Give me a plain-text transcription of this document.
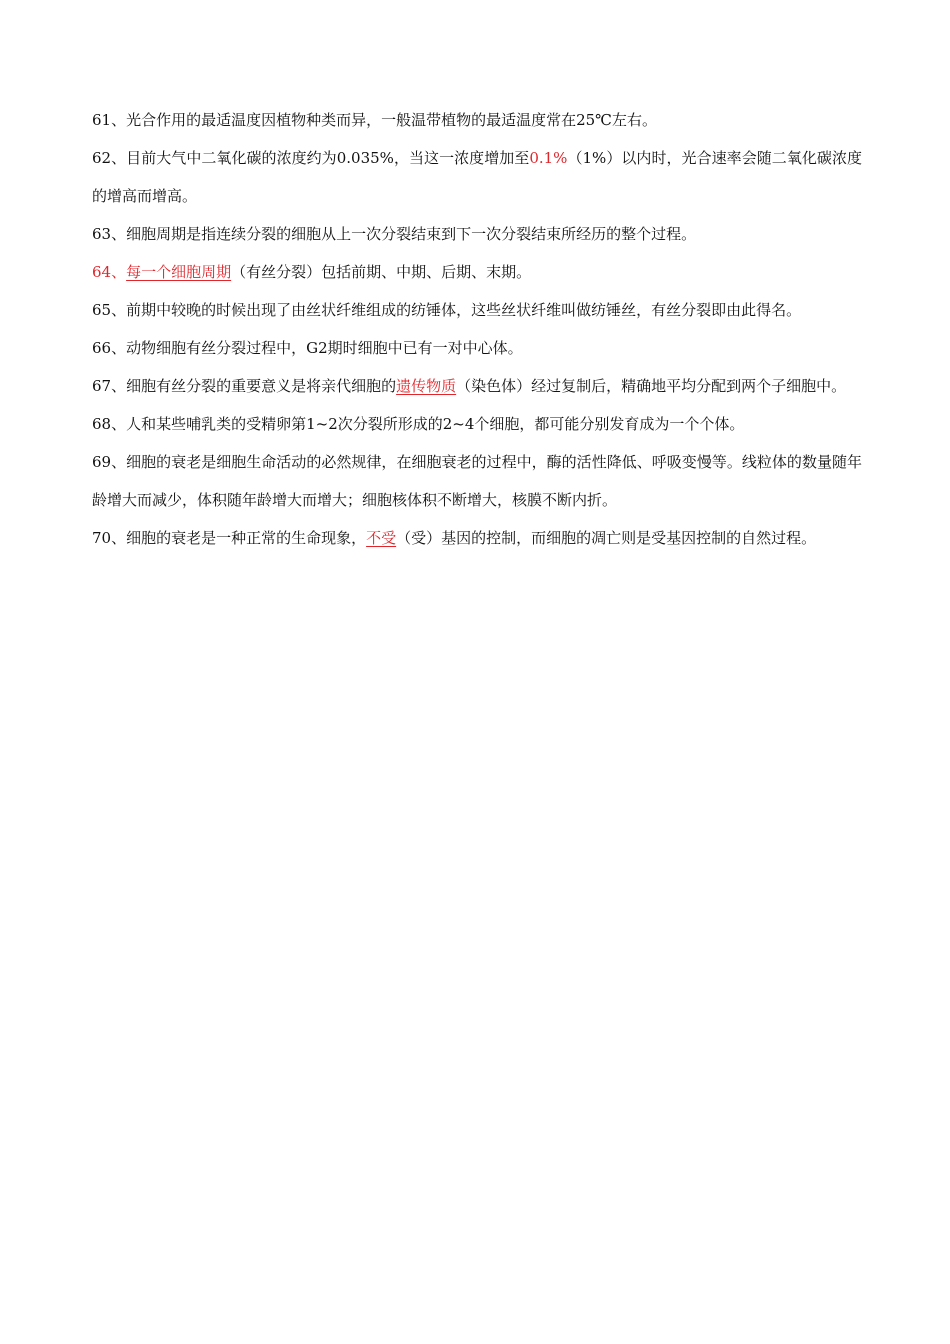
61、光合作用的最适温度因植物种类而异，一般温带植物的最适温度常在25℃左右。

62、目前大气中二氧化碳的浓度约为0.035%，当这一浓度增加至0.1%（1%）以内时，光合速率会随二氧化碳浓度的增高而增高。

63、细胞周期是指连续分裂的细胞从上一次分裂结束到下一次分裂结束所经历的整个过程。

64、每一个细胞周期（有丝分裂）包括前期、中期、后期、末期。

65、前期中较晚的时候出现了由丝状纤维组成的纺锤体，这些丝状纤维叫做纺锤丝，有丝分裂即由此得名。

66、动物细胞有丝分裂过程中，G2期时细胞中已有一对中心体。

67、细胞有丝分裂的重要意义是将亲代细胞的遗传物质（染色体）经过复制后，精确地平均分配到两个子细胞中。

68、人和某些哺乳类的受精卵第1~2次分裂所形成的2~4个细胞，都可能分别发育成为一个个体。

69、细胞的衰老是细胞生命活动的必然规律，在细胞衰老的过程中，酶的活性降低、呼吸变慢等。线粒体的数量随年龄增大而减少，体积随年龄增大而增大；细胞核体积不断增大，核膜不断内折。

70、细胞的衰老是一种正常的生命现象，不受（受）基因的控制，而细胞的凋亡则是受基因控制的自然过程。
